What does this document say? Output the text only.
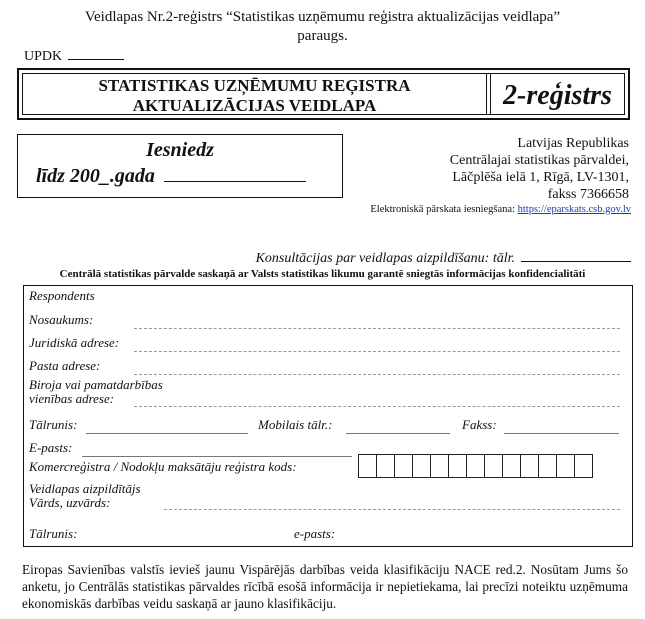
Veidlapas Nr.2-reģistrs “Statistikas uzņēmumu reģistra aktualizācijas veidlapa”
paraugs.
UPDK
STATISTIKAS UZŅĒMUMU REĢISTRA
AKTUALIZĀCIJAS VEIDLAPA	2-reģistrs
Iesniedz
līdz 200_.gada
Latvijas Republikas
Centrālajai statistikas pārvaldei,
Lāčplēša ielā 1, Rīgā, LV-1301,
fakss 7366658
Elektroniskā pārskata iesniegšana: https://eparskats.csb.gov.lv
Konsultācijas par veidlapas aizpildīšanu: tālr.
Centrālā statistikas pārvalde saskaņā ar Valsts statistikas likumu garantē sniegtās informācijas konfidencialitāti
Respondents
Nosaukums:
Juridiskā adrese:
Pasta adrese:
Biroja vai pamatdarbības
vienības adrese:
Tālrunis:	Mobilais tālr.:	Fakss:
E-pasts:
Komercreģistra / Nodokļu maksātāju reģistra kods:
Veidlapas aizpildītājs
Vārds, uzvārds:
Tālrunis:	e-pasts:
Eiropas Savienības valstīs ievieš jaunu Vispārējās darbības veida klasifikāciju NACE red.2. Nosūtam Jums šo anketu, jo Centrālās statistikas pārvaldes rīcībā esošā informācija ir nepietiekama, lai precīzi noteiktu uzņēmuma ekonomiskās darbības veidu saskaņā ar jauno klasifikāciju.
